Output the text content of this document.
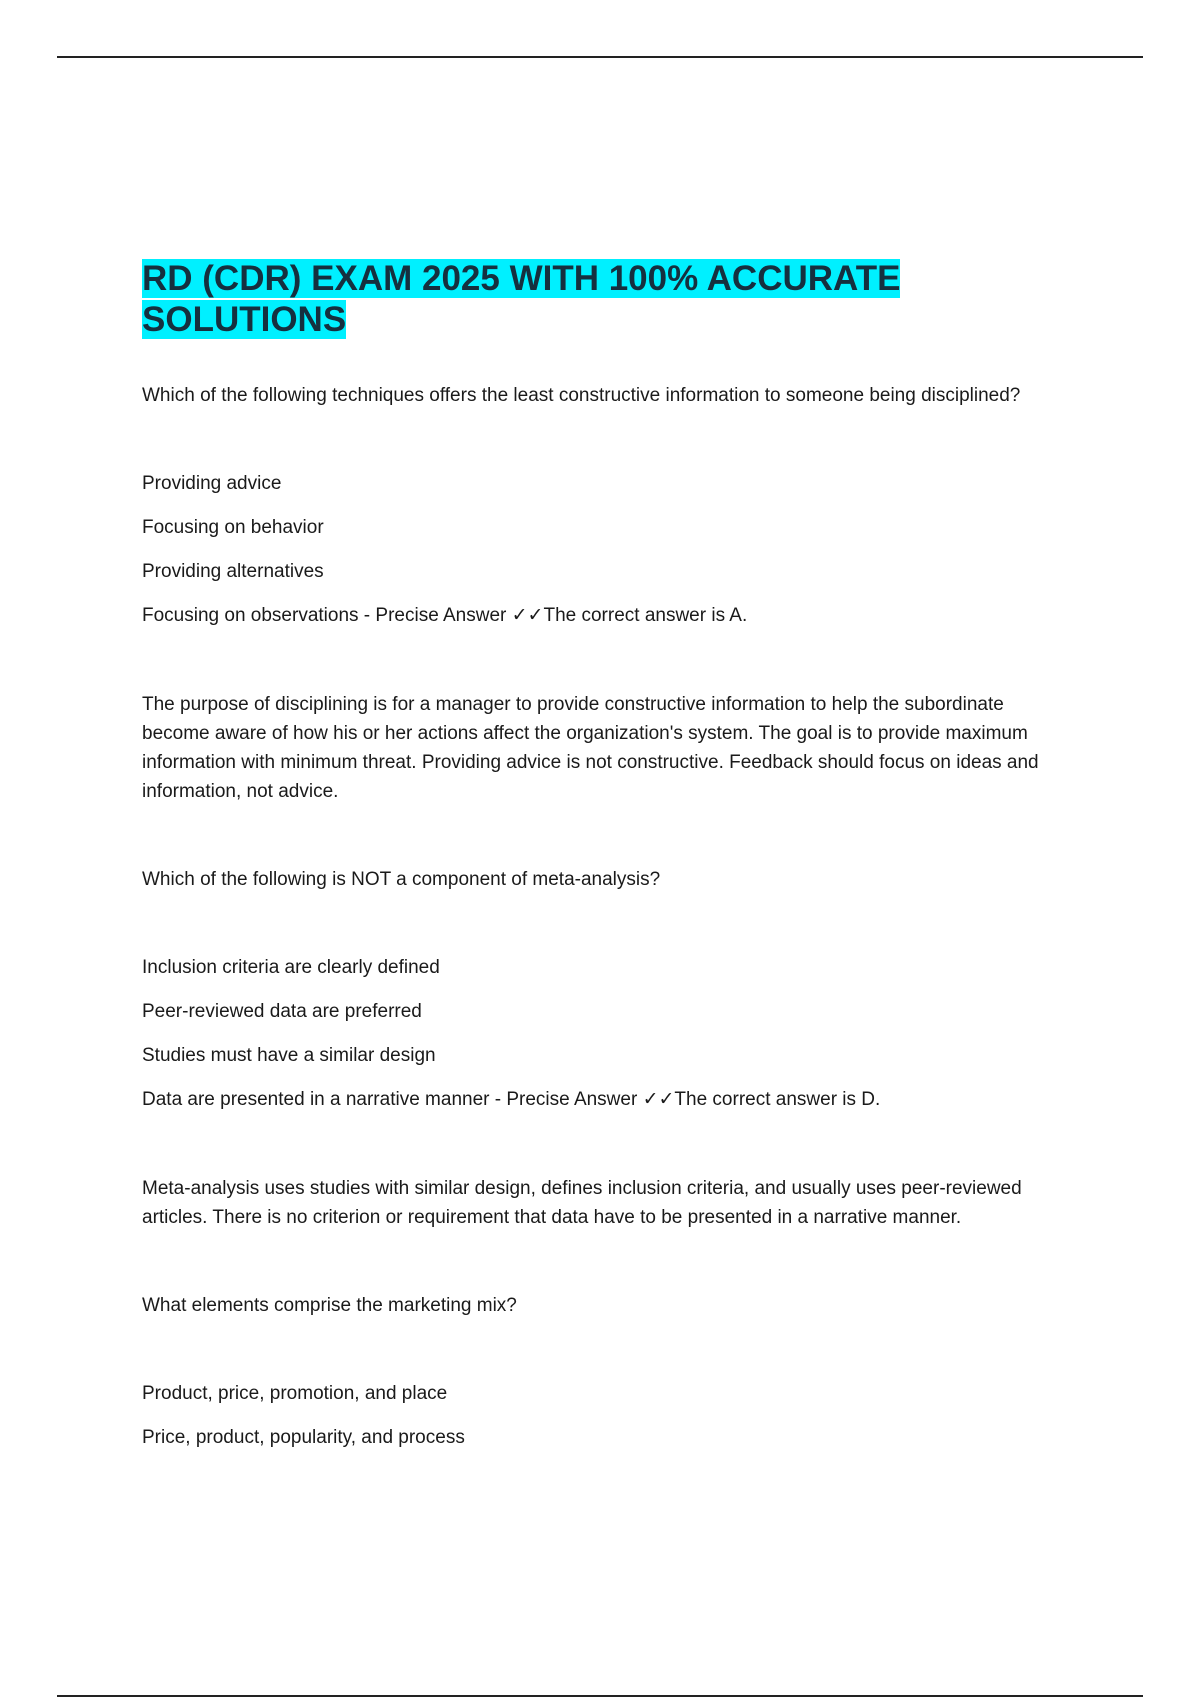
RD (CDR) EXAM 2025 WITH 100% ACCURATE SOLUTIONS

Which of the following techniques offers the least constructive information to someone being disciplined?

Providing advice

Focusing on behavior

Providing alternatives

Focusing on observations - Precise Answer ✓✓The correct answer is A.

The purpose of disciplining is for a manager to provide constructive information to help the subordinate become aware of how his or her actions affect the organization's system. The goal is to provide maximum information with minimum threat. Providing advice is not constructive. Feedback should focus on ideas and information, not advice.

Which of the following is NOT a component of meta-analysis?

Inclusion criteria are clearly defined

Peer-reviewed data are preferred

Studies must have a similar design

Data are presented in a narrative manner - Precise Answer ✓✓The correct answer is D.

Meta-analysis uses studies with similar design, defines inclusion criteria, and usually uses peer-reviewed articles. There is no criterion or requirement that data have to be presented in a narrative manner.

What elements comprise the marketing mix?

Product, price, promotion, and place

Price, product, popularity, and process
